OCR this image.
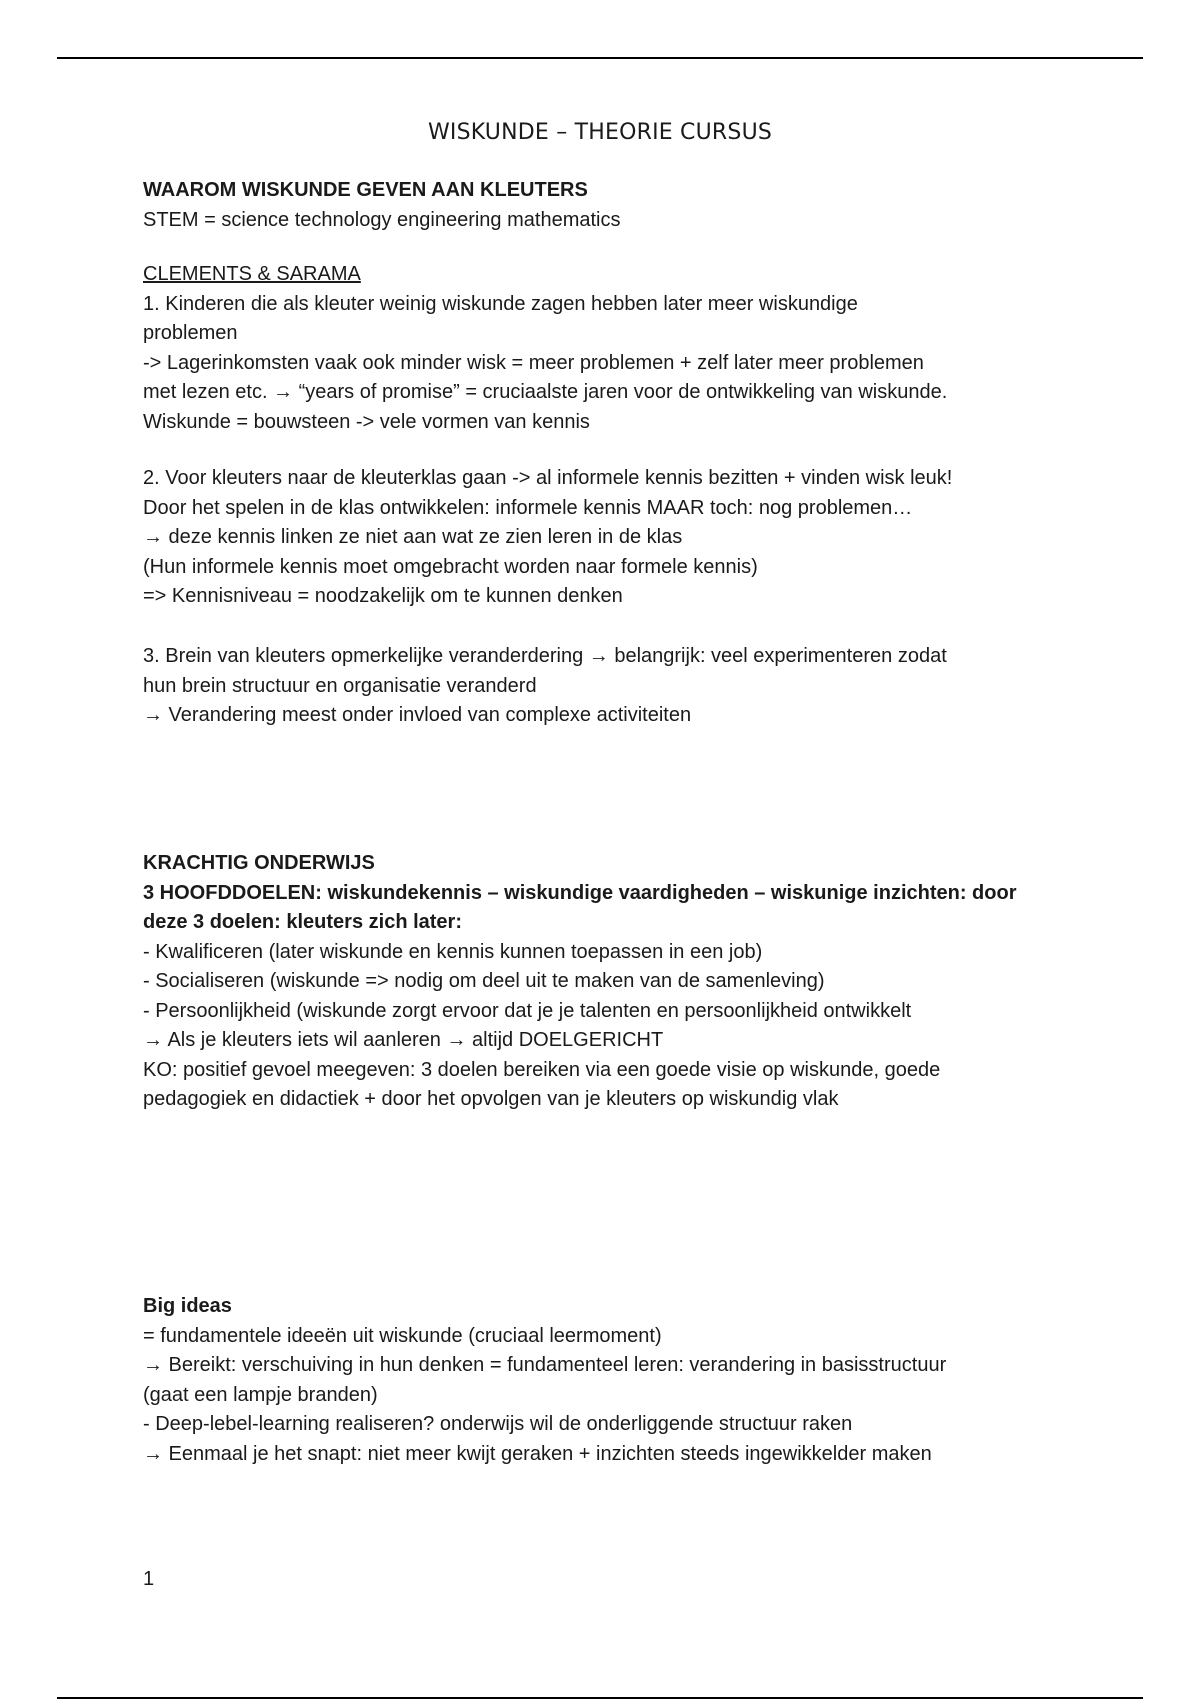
WISKUNDE – THEORIE CURSUS
WAAROM WISKUNDE GEVEN AAN KLEUTERS
STEM = science technology engineering mathematics
CLEMENTS & SARAMA
1. Kinderen die als kleuter weinig wiskunde zagen hebben later meer wiskundige
problemen
-> Lagerinkomsten vaak ook minder wisk = meer problemen + zelf later meer problemen
met lezen etc. → “years of promise” = cruciaalste jaren voor de ontwikkeling van wiskunde.
Wiskunde = bouwsteen -> vele vormen van kennis
2. Voor kleuters naar de kleuterklas gaan -> al informele kennis bezitten + vinden wisk leuk!
Door het spelen in de klas ontwikkelen: informele kennis MAAR toch: nog problemen…
→ deze kennis linken ze niet aan wat ze zien leren in de klas
(Hun informele kennis moet omgebracht worden naar formele kennis)
=> Kennisniveau = noodzakelijk om te kunnen denken
3. Brein van kleuters opmerkelijke veranderdering → belangrijk: veel experimenteren zodat
hun brein structuur en organisatie veranderd
→ Verandering meest onder invloed van complexe activiteiten
KRACHTIG ONDERWIJS
3 HOOFDDOELEN: wiskundekennis – wiskundige vaardigheden – wiskunige inzichten: door
deze 3 doelen: kleuters zich later:
- Kwalificeren (later wiskunde en kennis kunnen toepassen in een job)
- Socialiseren (wiskunde => nodig om deel uit te maken van de samenleving)
- Persoonlijkheid (wiskunde zorgt ervoor dat je je talenten en persoonlijkheid ontwikkelt
→ Als je kleuters iets wil aanleren → altijd DOELGERICHT
KO: positief gevoel meegeven: 3 doelen bereiken via een goede visie op wiskunde, goede
pedagogiek en didactiek + door het opvolgen van je kleuters op wiskundig vlak
Big ideas
= fundamentele ideeën uit wiskunde (cruciaal leermoment)
→ Bereikt: verschuiving in hun denken = fundamenteel leren: verandering in basisstructuur
(gaat een lampje branden)
- Deep-lebel-learning realiseren? onderwijs wil de onderliggende structuur raken
→ Eenmaal je het snapt: niet meer kwijt geraken + inzichten steeds ingewikkelder maken
1
